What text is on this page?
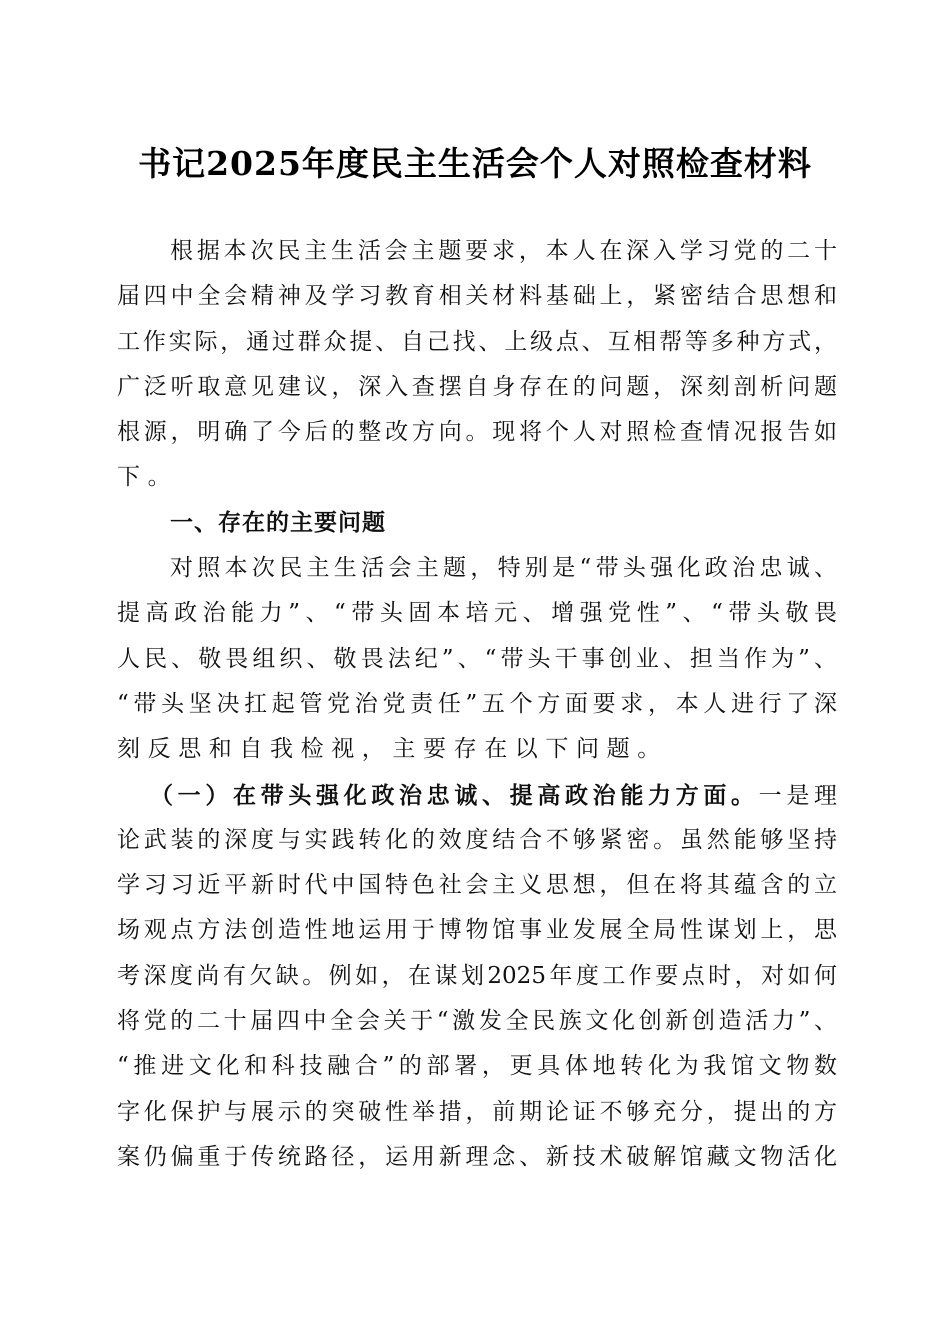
书记2025年度民主生活会个人对照检查材料
根据本次民主生活会主题要求，本人在深入学习党的二十
届四中全会精神及学习教育相关材料基础上，紧密结合思想和
工作实际，通过群众提、自己找、上级点、互相帮等多种方式，
广泛听取意见建议，深入查摆自身存在的问题，深刻剖析问题
根源，明确了今后的整改方向。现将个人对照检查情况报告如
下。
一、存在的主要问题
对照本次民主生活会主题，特别是“带头强化政治忠诚、
提高政治能力”、“带头固本培元、增强党性”、“带头敬畏
人民、敬畏组织、敬畏法纪”、“带头干事创业、担当作为”、
“带头坚决扛起管党治党责任”五个方面要求，本人进行了深
刻反思和自我检视，主要存在以下问题。
（一）在带头强化政治忠诚、提高政治能力方面。一是理
论武装的深度与实践转化的效度结合不够紧密。虽然能够坚持
学习习近平新时代中国特色社会主义思想，但在将其蕴含的立
场观点方法创造性地运用于博物馆事业发展全局性谋划上，思
考深度尚有欠缺。例如，在谋划2025年度工作要点时，对如何
将党的二十届四中全会关于“激发全民族文化创新创造活力”、
“推进文化和科技融合”的部署，更具体地转化为我馆文物数
字化保护与展示的突破性举措，前期论证不够充分，提出的方
案仍偏重于传统路径，运用新理念、新技术破解馆藏文物活化
